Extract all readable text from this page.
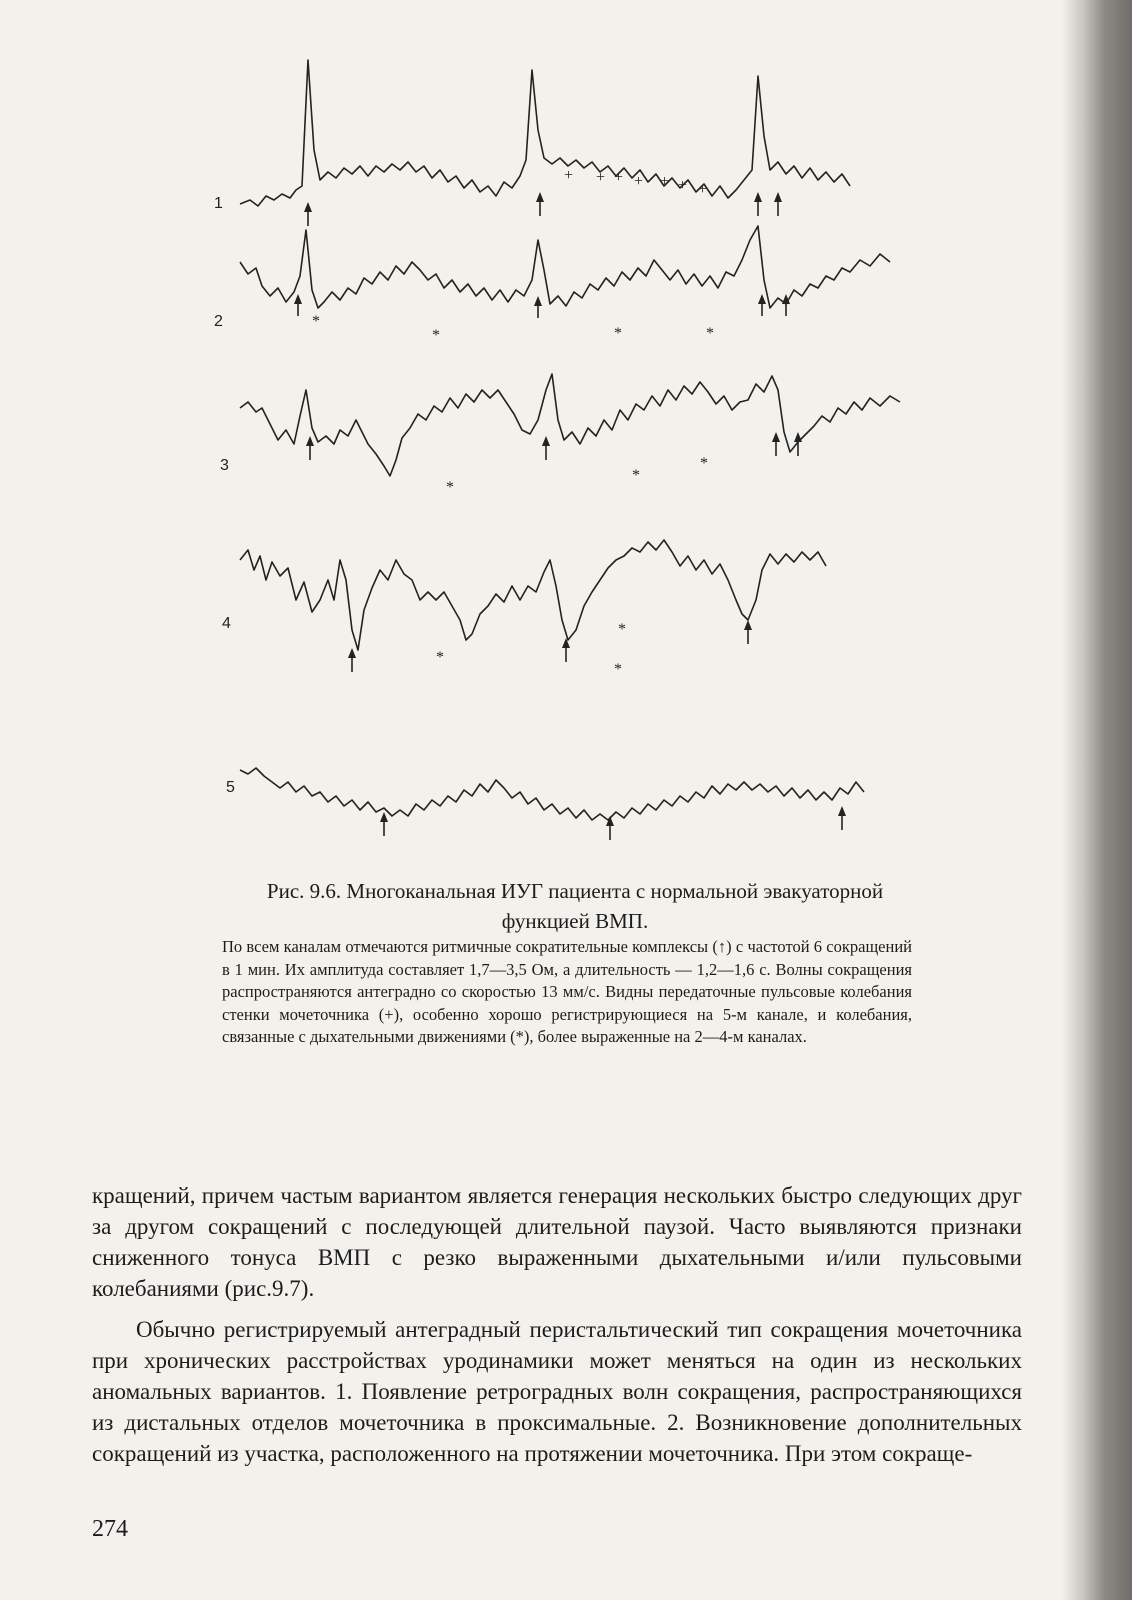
1
2
3
4
5
+ + + + + + +
*	*	*
*
*
*
*
*
*
*
Рис. 9.6. Многоканальная ИУГ пациента с нормальной эвакуаторной функцией ВМП.

По всем каналам отмечаются ритмичные сократительные комплексы (↑) с частотой 6 сокращений в 1 мин. Их амплитуда составляет 1,7—3,5 Ом, а длительность — 1,2—1,6 с. Волны сокращения распространяются антеградно со скоростью 13 мм/с. Видны передаточные пульсовые колебания стенки мочеточника (+), особенно хорошо регистрирующиеся на 5-м канале, и колебания, связанные с дыхательными движениями (*), более выраженные на 2—4-м каналах.

кращений, причем частым вариантом является генерация нескольких быстро следующих друг за другом сокращений с последующей длительной паузой. Часто выявляются признаки сниженного тонуса ВМП с резко выраженными дыхательными и/или пульсовыми колебаниями (рис.9.7).

Обычно регистрируемый антеградный перистальтический тип сокращения мочеточника при хронических расстройствах уродинамики может меняться на один из нескольких аномальных вариантов. 1. Появление ретроградных волн сокращения, распространяющихся из дистальных отделов мочеточника в проксимальные. 2. Возникновение дополнительных сокращений из участка, расположенного на протяжении мочеточника. При этом сокраще-

274
